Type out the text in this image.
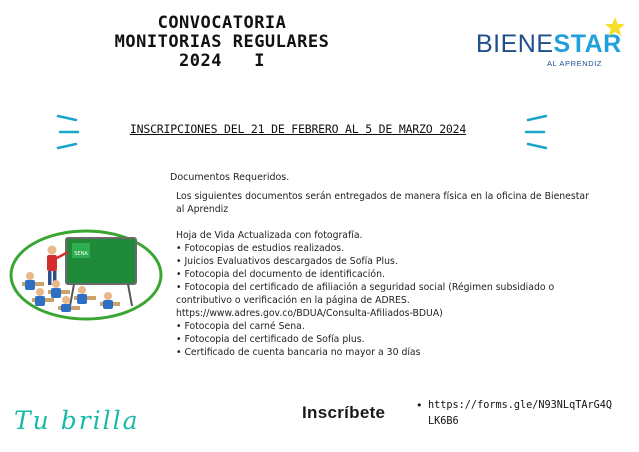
CONVOCATORIA
MONITORIAS REGULARES
2024   I
BIENESTAR
AL APRENDIZ
INSCRIPCIONES DEL 21 DE FEBRERO AL 5 DE MARZO 2024
Documentos Requeridos.
Los siguientes documentos serán entregados de manera física en la oficina de Bienestar
al Aprendiz
Hoja de Vida Actualizada con fotografía.
• Fotocopias de estudios realizados.
• Juicios Evaluativos descargados de Sofía Plus.
• Fotocopia del documento de identificación.
• Fotocopia del certificado de afiliación a seguridad social (Régimen subsidiado o
contributivo o verificación en la página de ADRES.
https://www.adres.gov.co/BDUA/Consulta-Afiliados-BDUA)
• Fotocopia del carné Sena.
• Fotocopia del certificado de Sofía plus.
• Certificado de cuenta bancaria no mayor a 30 días
SENA
Tu brilla	Inscríbete	• https://forms.gle/N93NLqTArG4QLK6B6
